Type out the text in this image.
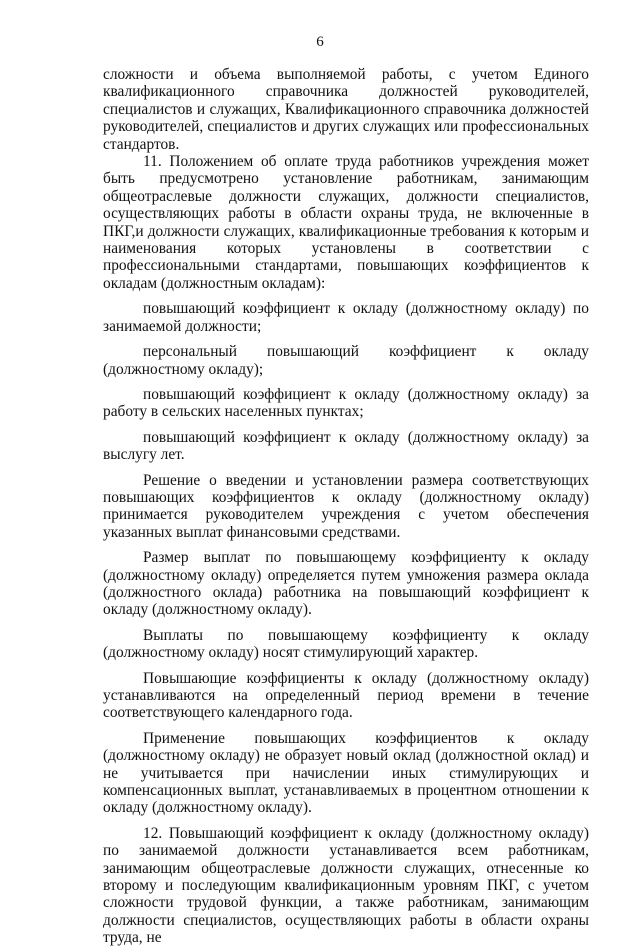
6

сложности и объема выполняемой работы, с учетом Единого квалификационного справочника должностей руководителей, специалистов и служащих, Квалификационного справочника должностей руководителей, специалистов и других служащих или профессиональных стандартов.

11. Положением об оплате труда работников учреждения может быть предусмотрено установление работникам, занимающим общеотраслевые должности служащих, должности специалистов, осуществляющих работы в области охраны труда, не включенные в ПКГ,и должности служащих, квалификационные требования к которым и наименования которых установлены в соответствии с профессиональными стандартами, повышающих коэффициентов к окладам (должностным окладам):

повышающий коэффициент к окладу (должностному окладу) по занимаемой должности;

персональный повышающий коэффициент к окладу (должностному окладу);

повышающий коэффициент к окладу (должностному окладу) за работу в сельских населенных пунктах;

повышающий коэффициент к окладу (должностному окладу) за выслугу лет.

Решение о введении и установлении размера соответствующих повышающих коэффициентов к окладу (должностному окладу) принимается руководителем учреждения с учетом обеспечения указанных выплат финансовыми средствами.

Размер выплат по повышающему коэффициенту к окладу (должностному окладу) определяется путем умножения размера оклада (должностного оклада) работника на повышающий коэффициент к окладу (должностному окладу).

Выплаты по повышающему коэффициенту к окладу (должностному окладу) носят стимулирующий характер.

Повышающие коэффициенты к окладу (должностному окладу) устанавливаются на определенный период времени в течение соответствующего календарного года.

Применение повышающих коэффициентов к окладу (должностному окладу) не образует новый оклад (должностной оклад) и не учитывается при начислении иных стимулирующих и компенсационных выплат, устанавливаемых в процентном отношении к окладу (должностному окладу).

12. Повышающий коэффициент к окладу (должностному окладу) по занимаемой должности устанавливается всем работникам, занимающим общеотраслевые должности служащих, отнесенные ко второму и последующим квалификационным уровням ПКГ, с учетом сложности трудовой функции, а также работникам, занимающим должности специалистов, осуществляющих работы в области охраны труда, не
